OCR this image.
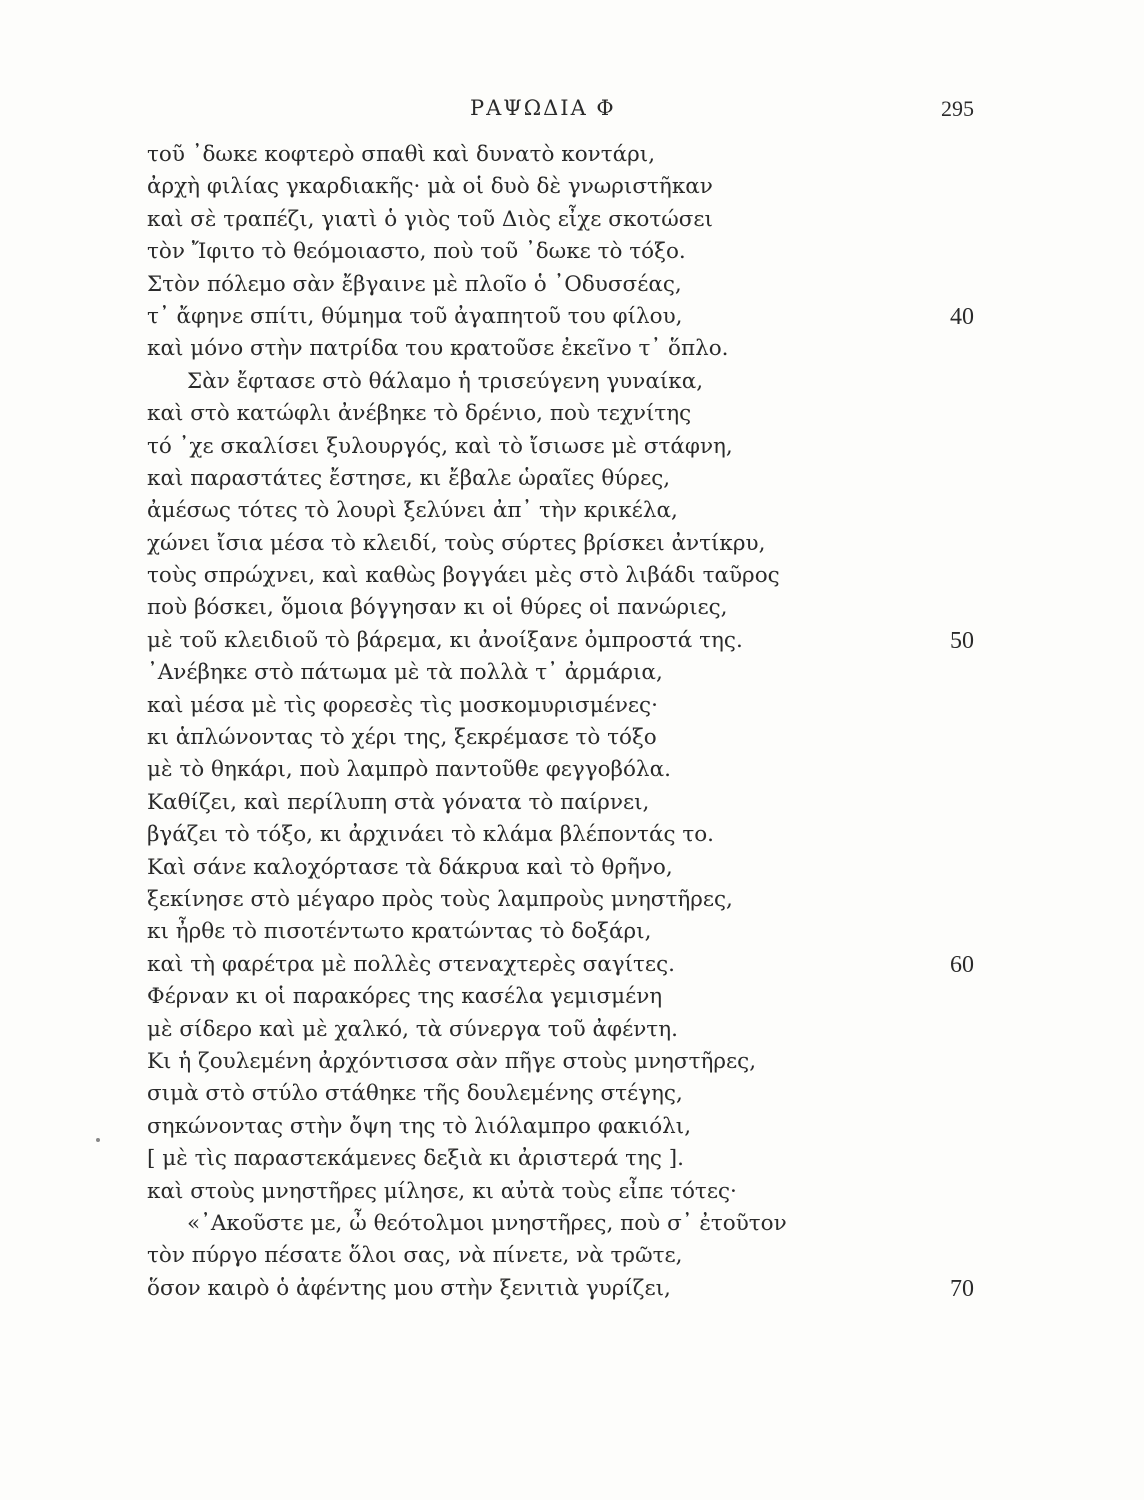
ΡΑΨΩΔΙΑ Φ	295
τοῦ ᾿δωκε κοφτερὸ σπαθὶ καὶ δυνατὸ κοντάρι,
ἀρχὴ φιλίας γκαρδιακῆς· μὰ οἱ δυὸ δὲ γνωριστῆκαν
καὶ σὲ τραπέζι, γιατὶ ὁ γιὸς τοῦ Διὸς εἶχε σκοτώσει
τὸν Ἴφιτο τὸ θεόμοιαστο, ποὺ τοῦ ᾿δωκε τὸ τόξο.
Στὸν πόλεμο σὰν ἔβγαινε μὲ πλοῖο ὁ ᾿Οδυσσέας,
τ᾿ ἄφηνε σπίτι, θύμημα τοῦ ἀγαπητοῦ του φίλου,	40
καὶ μόνο στὴν πατρίδα του κρατοῦσε ἐκεῖνο τ᾿ ὅπλο.
Σὰν ἔφτασε στὸ θάλαμο ἡ τρισεύγενη γυναίκα,
καὶ στὸ κατώφλι ἀνέβηκε τὸ δρένιο, ποὺ τεχνίτης
τό ᾿χε σκαλίσει ξυλουργός, καὶ τὸ ἴσιωσε μὲ στάφνη,
καὶ παραστάτες ἔστησε, κι ἔβαλε ὡραῖες θύρες,
ἀμέσως τότες τὸ λουρὶ ξελύνει ἀπ᾿ τὴν κρικέλα,
χώνει ἴσια μέσα τὸ κλειδί, τοὺς σύρτες βρίσκει ἀντίκρυ,
τοὺς σπρώχνει, καὶ καθὼς βογγάει μὲς στὸ λιβάδι ταῦρος
ποὺ βόσκει, ὅμοια βόγγησαν κι οἱ θύρες οἱ πανώριες,
μὲ τοῦ κλειδιοῦ τὸ βάρεμα, κι ἀνοίξανε ὀμπροστά της.	50
᾿Ανέβηκε στὸ πάτωμα μὲ τὰ πολλὰ τ᾿ ἀρμάρια,
καὶ μέσα μὲ τὶς φορεσὲς τὶς μοσκομυρισμένες·
κι ἁπλώνοντας τὸ χέρι της, ξεκρέμασε τὸ τόξο
μὲ τὸ θηκάρι, ποὺ λαμπρὸ παντοῦθε φεγγοβόλα.
Καθίζει, καὶ περίλυπη στὰ γόνατα τὸ παίρνει,
βγάζει τὸ τόξο, κι ἀρχινάει τὸ κλάμα βλέποντάς το.
Καὶ σάνε καλοχόρτασε τὰ δάκρυα καὶ τὸ θρῆνο,
ξεκίνησε στὸ μέγαρο πρὸς τοὺς λαμπροὺς μνηστῆρες,
κι ἦρθε τὸ πισοτέντωτο κρατώντας τὸ δοξάρι,
καὶ τὴ φαρέτρα μὲ πολλὲς στεναχτερὲς σαγίτες.	60
Φέρναν κι οἱ παρακόρες της κασέλα γεμισμένη
μὲ σίδερο καὶ μὲ χαλκό, τὰ σύνεργα τοῦ ἀφέντη.
Κι ἡ ζουλεμένη ἀρχόντισσα σὰν πῆγε στοὺς μνηστῆρες,
σιμὰ στὸ στύλο στάθηκε τῆς δουλεμένης στέγης,
σηκώνοντας στὴν ὄψη της τὸ λιόλαμπρο φακιόλι,
[ μὲ τὶς παραστεκάμενες δεξιὰ κι ἀριστερά της ].
καὶ στοὺς μνηστῆρες μίλησε, κι αὐτὰ τοὺς εἶπε τότες·
«᾿Ακοῦστε με, ὦ θεότολμοι μνηστῆρες, ποὺ σ᾿ ἐτοῦτον
τὸν πύργο πέσατε ὅλοι σας, νὰ πίνετε, νὰ τρῶτε,
ὅσον καιρὸ ὁ ἀφέντης μου στὴν ξενιτιὰ γυρίζει,	70
